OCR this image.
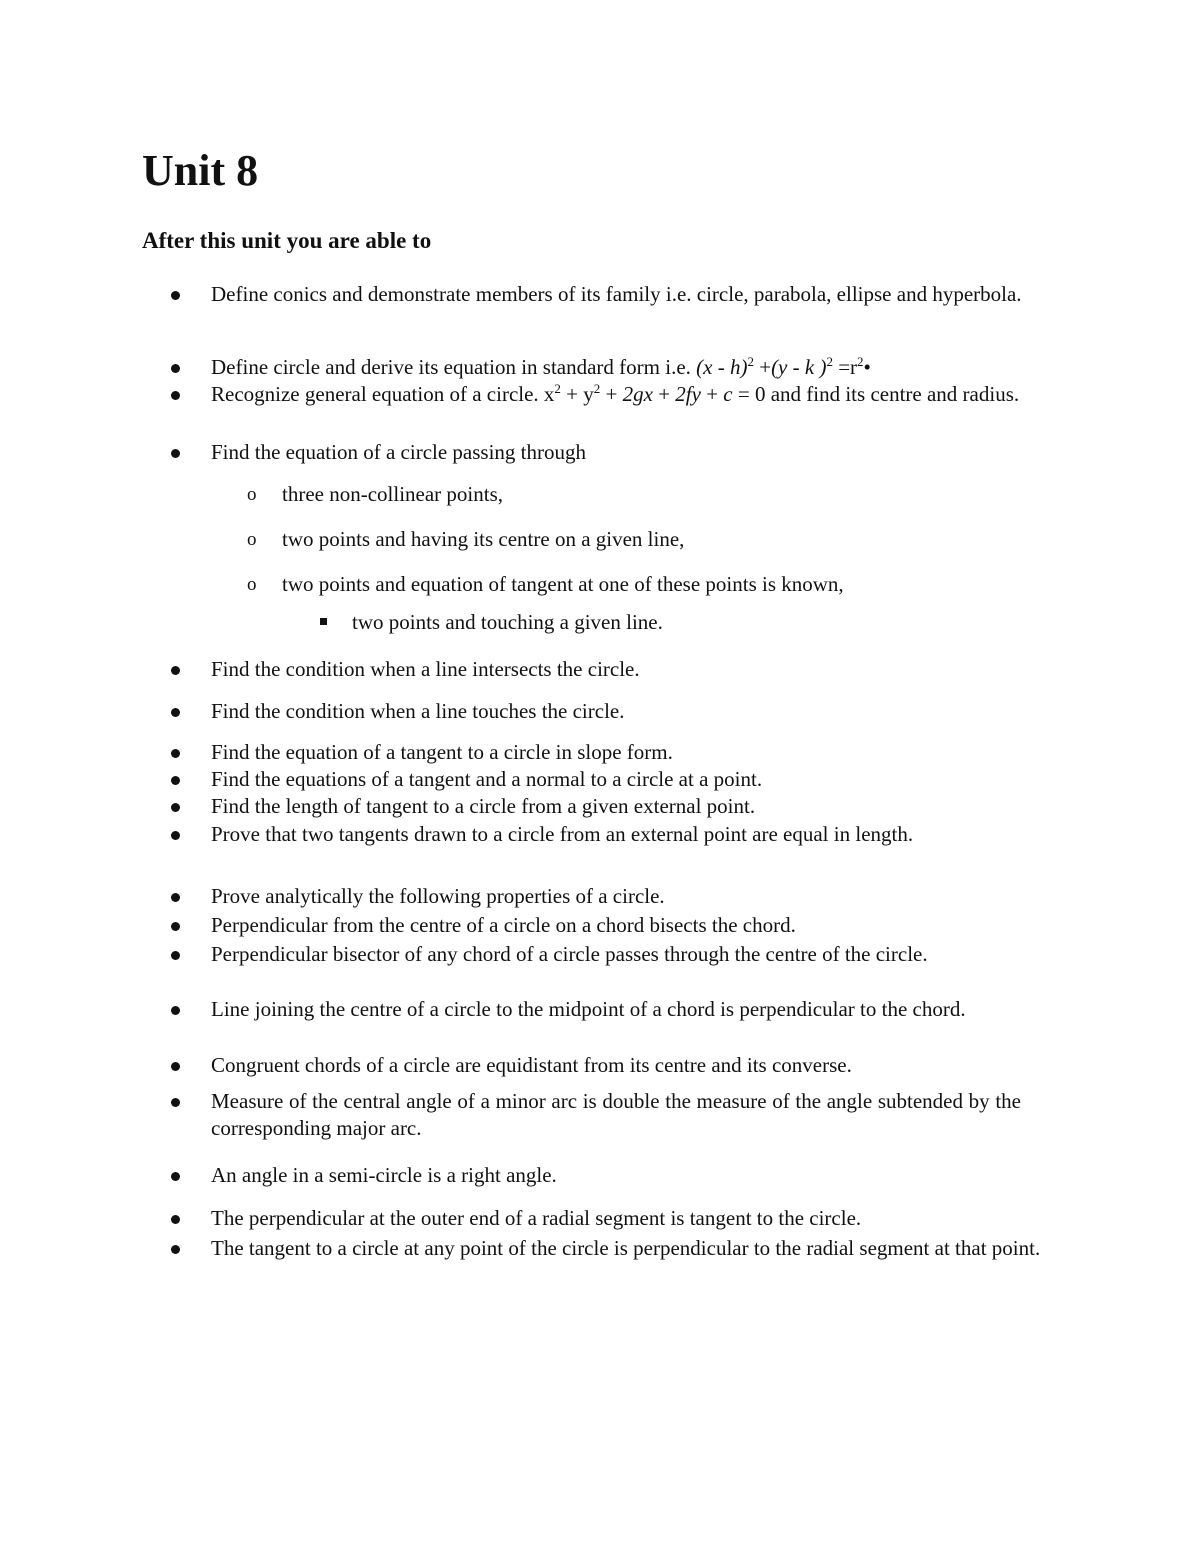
Unit 8
After this unit you are able to
Define conics and demonstrate members of its family i.e. circle, parabola, ellipse and hyperbola.
Define circle and derive its equation in standard form i.e. (x - h)$^2$ +(y - k )$^2 =r^2•$
Recognize general equation of a circle. $x^2 + y^2 + 2gx + 2fy + c = 0$ and find its centre and radius.
Find the equation of a circle passing through
o three non-collinear points,
o two points and having its centre on a given line,
o two points and equation of tangent at one of these points is known,
two points and touching a given line.
Find the condition when a line intersects the circle.
Find the condition when a line touches the circle.
Find the equation of a tangent to a circle in slope form.
Find the equations of a tangent and a normal to a circle at a point.
Find the length of tangent to a circle from a given external point.
Prove that two tangents drawn to a circle from an external point are equal in length.
Prove analytically the following properties of a circle.
Perpendicular from the centre of a circle on a chord bisects the chord.
Perpendicular bisector of any chord of a circle passes through the centre of the circle.
Line joining the centre of a circle to the midpoint of a chord is perpendicular to the chord.
Congruent chords of a circle are equidistant from its centre and its converse.
Measure of the central angle of a minor arc is double the measure of the angle subtended by the corresponding major arc.
An angle in a semi-circle is a right angle.
The perpendicular at the outer end of a radial segment is tangent to the circle.
The tangent to a circle at any point of the circle is perpendicular to the radial segment at that point.
